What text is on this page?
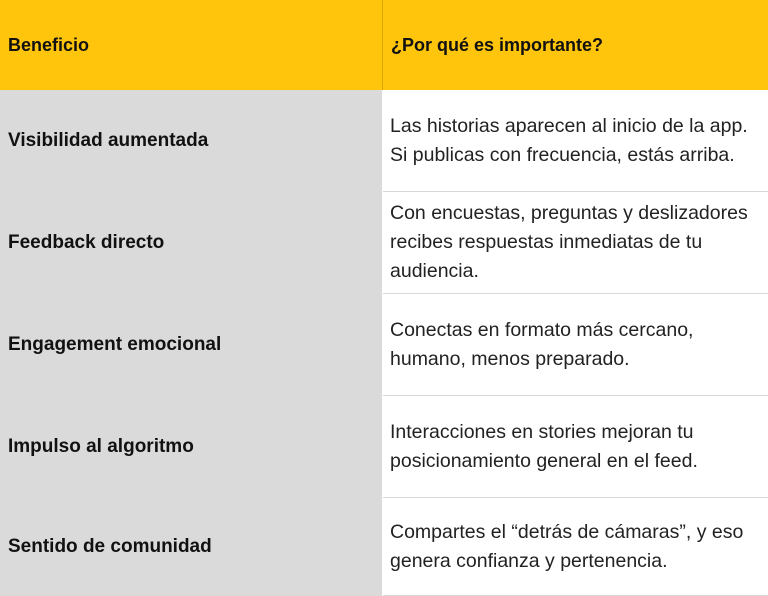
Beneficio	¿Por qué es importante?
Visibilidad aumentada
Las historias aparecen al inicio de la app. Si publicas con frecuencia, estás arriba.
Feedback directo
Con encuestas, preguntas y deslizadores recibes respuestas inmediatas de tu audiencia.
Engagement emocional
Conectas en formato más cercano, humano, menos preparado.
Impulso al algoritmo
Interacciones en stories mejoran tu posicionamiento general en el feed.
Sentido de comunidad
Compartes el “detrás de cámaras”, y eso genera confianza y pertenencia.
